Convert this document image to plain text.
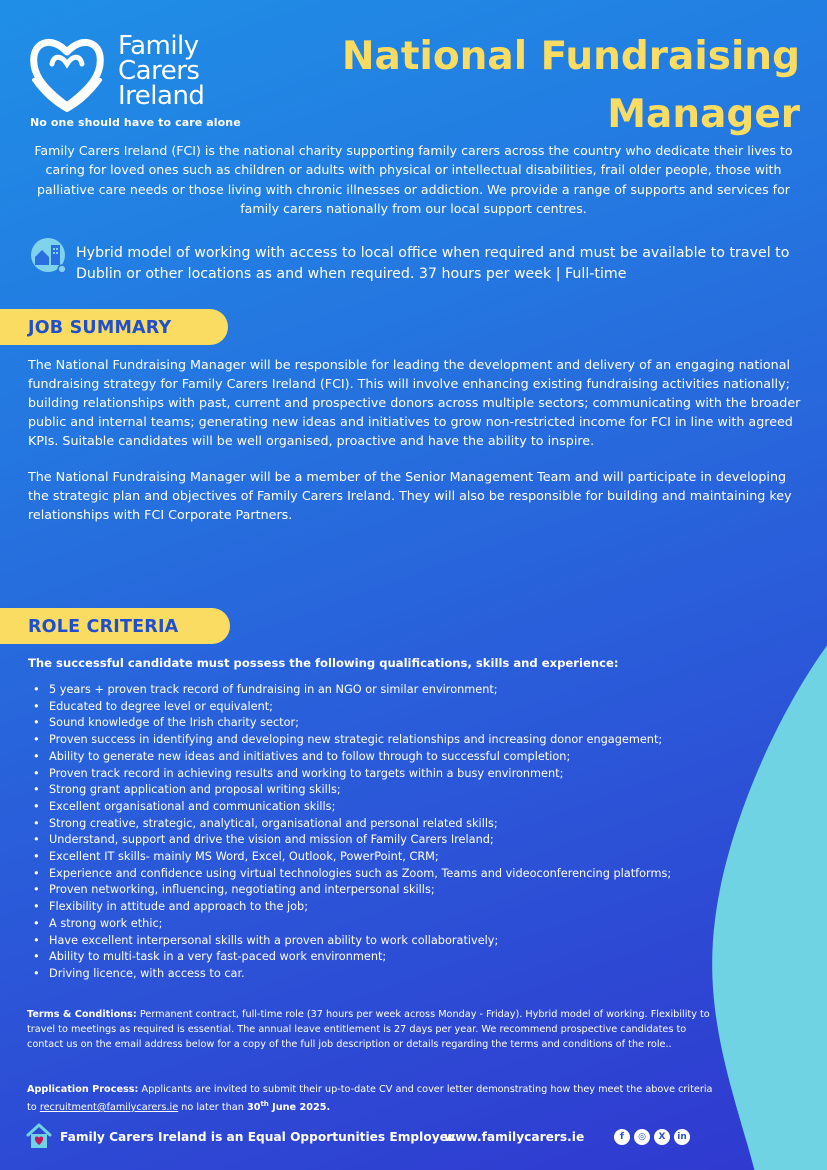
Family
Carers
Ireland
No one should have to care alone
National Fundraising
Manager

Family Carers Ireland (FCI) is the national charity supporting family carers across the country who dedicate their lives to caring for loved ones such as children or adults with physical or intellectual disabilities, frail older people, those with palliative care needs or those living with chronic illnesses or addiction. We provide a range of supports and services for family carers nationally from our local support centres.

Hybrid model of working with access to local office when required and must be available to travel to Dublin or other locations as and when required. 37 hours per week | Full-time
JOB SUMMARY

The National Fundraising Manager will be responsible for leading the development and delivery of an engaging national fundraising strategy for Family Carers Ireland (FCI). This will involve enhancing existing fundraising activities nationally; building relationships with past, current and prospective donors across multiple sectors; communicating with the broader public and internal teams; generating new ideas and initiatives to grow non-restricted income for FCI in line with agreed KPIs. Suitable candidates will be well organised, proactive and have the ability to inspire.

The National Fundraising Manager will be a member of the Senior Management Team and will participate in developing the strategic plan and objectives of Family Carers Ireland. They will also be responsible for building and maintaining key relationships with FCI Corporate Partners.

ROLE CRITERIA
The successful candidate must possess the following qualifications, skills and experience:
• 5 years + proven track record of fundraising in an NGO or similar environment;
• Educated to degree level or equivalent;
• Sound knowledge of the Irish charity sector;
• Proven success in identifying and developing new strategic relationships and increasing donor engagement;
• Ability to generate new ideas and initiatives and to follow through to successful completion;
• Proven track record in achieving results and working to targets within a busy environment;
• Strong grant application and proposal writing skills;
• Excellent organisational and communication skills;
• Strong creative, strategic, analytical, organisational and personal related skills;
• Understand, support and drive the vision and mission of Family Carers Ireland;
• Excellent IT skills- mainly MS Word, Excel, Outlook, PowerPoint, CRM;
• Experience and confidence using virtual technologies such as Zoom, Teams and videoconferencing platforms;
• Proven networking, influencing, negotiating and interpersonal skills;
• Flexibility in attitude and approach to the job;
• A strong work ethic;
• Have excellent interpersonal skills with a proven ability to work collaboratively;
• Ability to multi-task in a very fast-paced work environment;
• Driving licence, with access to car.

Terms & Conditions: Permanent contract, full-time role (37 hours per week across Monday - Friday). Hybrid model of working. Flexibility to travel to meetings as required is essential. The annual leave entitlement is 27 days per year. We recommend prospective candidates to contact us on the email address below for a copy of the full job description or details regarding the terms and conditions of the role..

Application Process: Applicants are invited to submit their up-to-date CV and cover letter demonstrating how they meet the above criteria to recruitment@familycarers.ie no later than 30th June 2025.

Family Carers Ireland is an Equal Opportunities Employer.
www.familycarers.ie	f	◎	X	in
